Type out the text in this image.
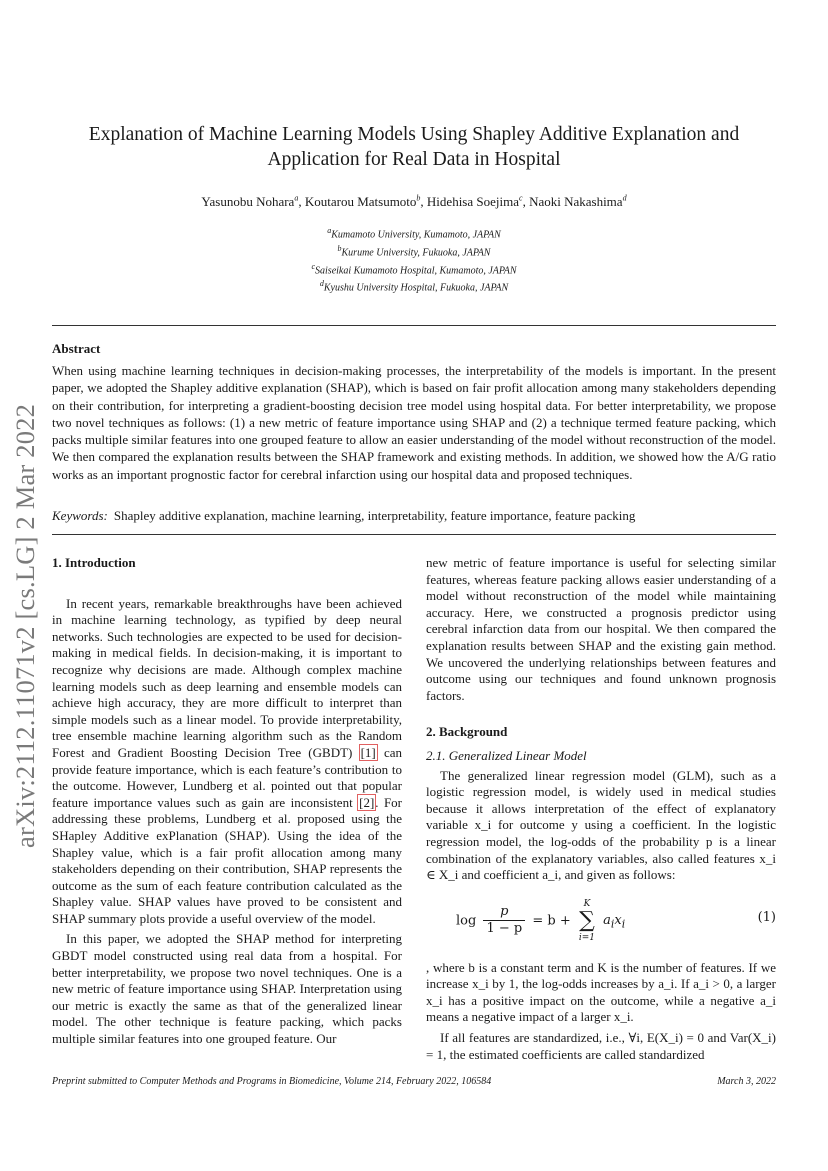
arXiv:2112.11071v2 [cs.LG] 2 Mar 2022
Explanation of Machine Learning Models Using Shapley Additive Explanation and
Application for Real Data in Hospital
Yasunobu Nohara$^a$, Koutarou Matsumoto$^b$, Hidehisa Soejima$^c$, Naoki Nakashima$^d$
$^a$Kumamoto University, Kumamoto, JAPAN
$^b$Kurume University, Fukuoka, JAPAN
$^c$Saiseikai Kumamoto Hospital, Kumamoto, JAPAN
$^d$Kyushu University Hospital, Fukuoka, JAPAN
Abstract
When using machine learning techniques in decision-making processes, the interpretability of the models is important. In the present paper, we adopted the Shapley additive explanation (SHAP), which is based on fair profit allocation among many stakeholders depending on their contribution, for interpreting a gradient-boosting decision tree model using hospital data. For better interpretability, we propose two novel techniques as follows: (1) a new metric of feature importance using SHAP and (2) a technique termed feature packing, which packs multiple similar features into one grouped feature to allow an easier understanding of the model without reconstruction of the model. We then compared the explanation results between the SHAP framework and existing methods. In addition, we showed how the A/G ratio works as an important prognostic factor for cerebral infarction using our hospital data and proposed techniques.
Keywords: Shapley additive explanation, machine learning, interpretability, feature importance, feature packing
1. Introduction

In recent years, remarkable breakthroughs have been achieved in machine learning technology, as typified by deep neural networks. Such technologies are expected to be used for decision-making in medical fields. In decision-making, it is important to recognize why decisions are made. Although complex machine learning models such as deep learning and ensemble models can achieve high accuracy, they are more difficult to interpret than simple models such as a linear model. To provide interpretability, tree ensemble machine learning algorithm such as the Random Forest and Gradient Boosting Decision Tree (GBDT) [1] can provide feature importance, which is each feature’s contribution to the outcome. However, Lundberg et al. pointed out that popular feature importance values such as gain are inconsistent [2]. For addressing these problems, Lundberg et al. proposed using the SHapley Additive exPlanation (SHAP). Using the idea of the Shapley value, which is a fair profit allocation among many stakeholders depending on their contribution, SHAP represents the outcome as the sum of each feature contribution calculated as the Shapley value. SHAP values have proved to be consistent and SHAP summary plots provide a useful overview of the model.

In this paper, we adopted the SHAP method for interpreting GBDT model constructed using real data from a hospital. For better interpretability, we propose two novel techniques. One is a new metric of feature importance using SHAP. Interpretation using our metric is exactly the same as that of the generalized linear model. The other technique is feature packing, which packs multiple similar features into one grouped feature. Our

new metric of feature importance is useful for selecting similar features, whereas feature packing allows easier understanding of a model without reconstruction of the model while maintaining accuracy. Here, we constructed a prognosis predictor using cerebral infarction data from our hospital. We then compared the explanation results between SHAP and the existing gain method. We uncovered the underlying relationships between features and outcome using our techniques and found unknown prognosis factors.

2. Background
2.1. Generalized Linear Model

The generalized linear regression model (GLM), such as a logistic regression model, is widely used in medical studies because it allows interpretation of the effect of explanatory variable x_i for outcome y using a coefficient. In the logistic regression model, the log-odds of the probability p is a linear combination of the explanatory variables, also called features x_i ∈ X_i and coefficient a_i, and given as follows:

$\log \frac{p}{1 - p} = b$ +
K
∑
i=1
$a_ix_i$	(1)

, where b is a constant term and K is the number of features. If we increase x_i by 1, the log-odds increases by a_i. If a_i > 0, a larger x_i has a positive impact on the outcome, while a negative a_i means a negative impact of a larger x_i.

If all features are standardized, i.e., ∀i, E(X_i) = 0 and Var(X_i) = 1, the estimated coefficients are called standardized

Preprint submitted to Computer Methods and Programs in Biomedicine, Volume 214, February 2022, 106584	March 3, 2022
